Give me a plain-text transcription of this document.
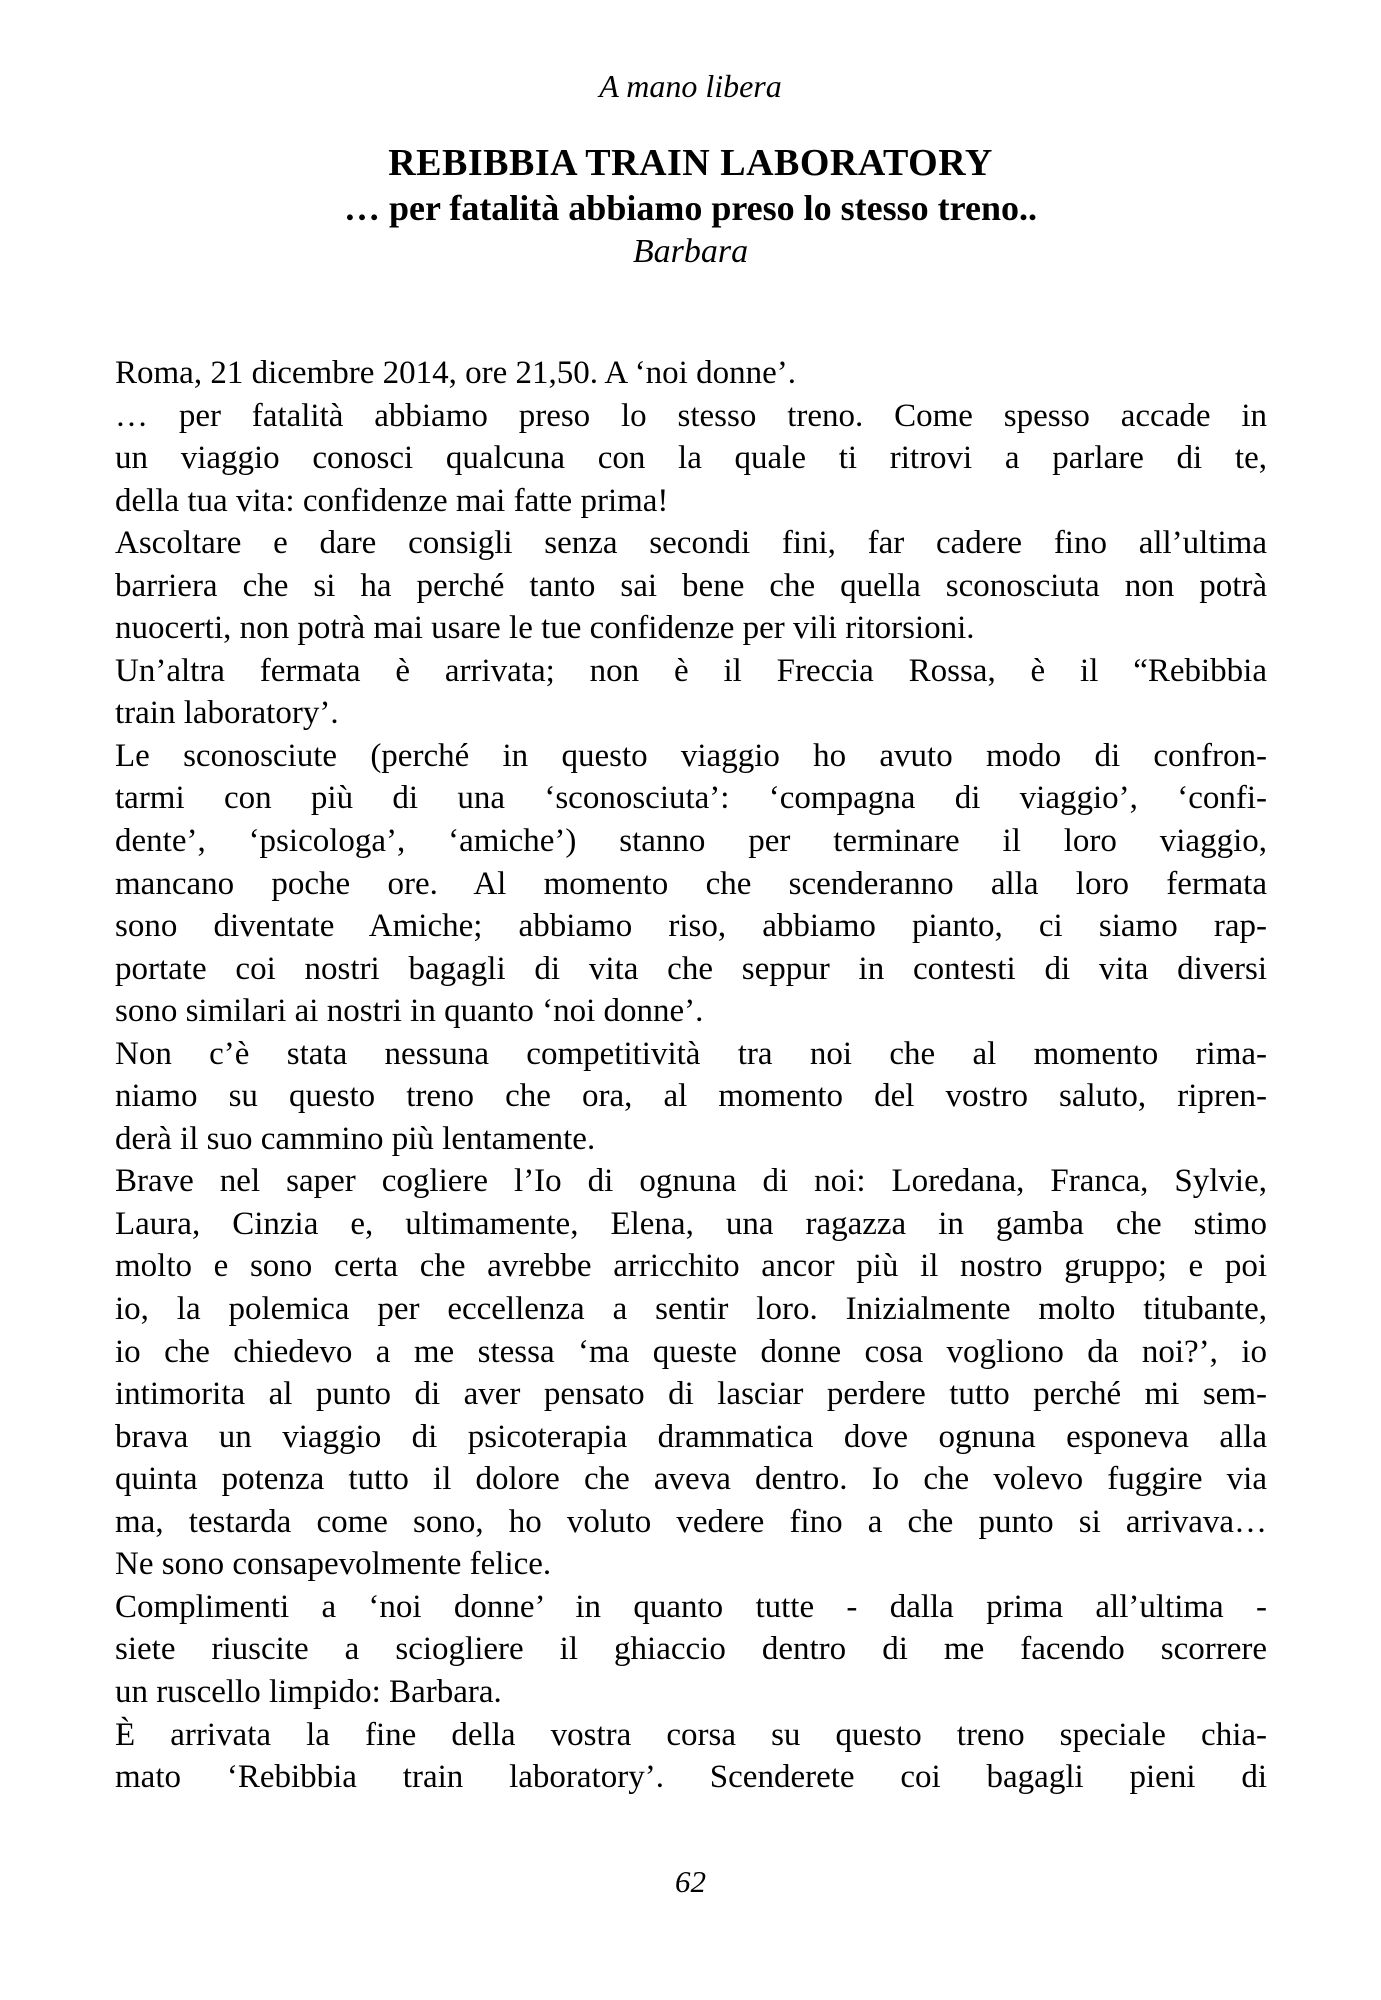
A mano libera
REBIBBIA TRAIN LABORATORY
… per fatalità abbiamo preso lo stesso treno..
Barbara
Roma, 21 dicembre 2014, ore 21,50. A ‘noi donne’.
… per fatalità abbiamo preso lo stesso treno. Come spesso accade in
un viaggio conosci qualcuna con la quale ti ritrovi a parlare di te,
della tua vita: confidenze mai fatte prima!
Ascoltare e dare consigli senza secondi fini, far cadere fino all’ultima
barriera che si ha perché tanto sai bene che quella sconosciuta non potrà
nuocerti, non potrà mai usare le tue confidenze per vili ritorsioni.
Un’altra fermata è arrivata; non è il Freccia Rossa, è il “Rebibbia
train laboratory’.
Le sconosciute (perché in questo viaggio ho avuto modo di confron-
tarmi con più di una ‘sconosciuta’: ‘compagna di viaggio’, ‘confi-
dente’, ‘psicologa’, ‘amiche’) stanno per terminare il loro viaggio,
mancano poche ore. Al momento che scenderanno alla loro fermata
sono diventate Amiche; abbiamo riso, abbiamo pianto, ci siamo rap-
portate coi nostri bagagli di vita che seppur in contesti di vita diversi
sono similari ai nostri in quanto ‘noi donne’.
Non c’è stata nessuna competitività tra noi che al momento rima-
niamo su questo treno che ora, al momento del vostro saluto, ripren-
derà il suo cammino più lentamente.
Brave nel saper cogliere l’Io di ognuna di noi: Loredana, Franca, Sylvie,
Laura, Cinzia e, ultimamente, Elena, una ragazza in gamba che stimo
molto e sono certa che avrebbe arricchito ancor più il nostro gruppo; e poi
io, la polemica per eccellenza a sentir loro. Inizialmente molto titubante,
io che chiedevo a me stessa ‘ma queste donne cosa vogliono da noi?’, io
intimorita al punto di aver pensato di lasciar perdere tutto perché mi sem-
brava un viaggio di psicoterapia drammatica dove ognuna esponeva alla
quinta potenza tutto il dolore che aveva dentro. Io che volevo fuggire via
ma, testarda come sono, ho voluto vedere fino a che punto si arrivava…
Ne sono consapevolmente felice.
Complimenti a ‘noi donne’ in quanto tutte - dalla prima all’ultima -
siete riuscite a sciogliere il ghiaccio dentro di me facendo scorrere
un ruscello limpido: Barbara.
È arrivata la fine della vostra corsa su questo treno speciale chia-
mato ‘Rebibbia train laboratory’. Scenderete coi bagagli pieni di
62
